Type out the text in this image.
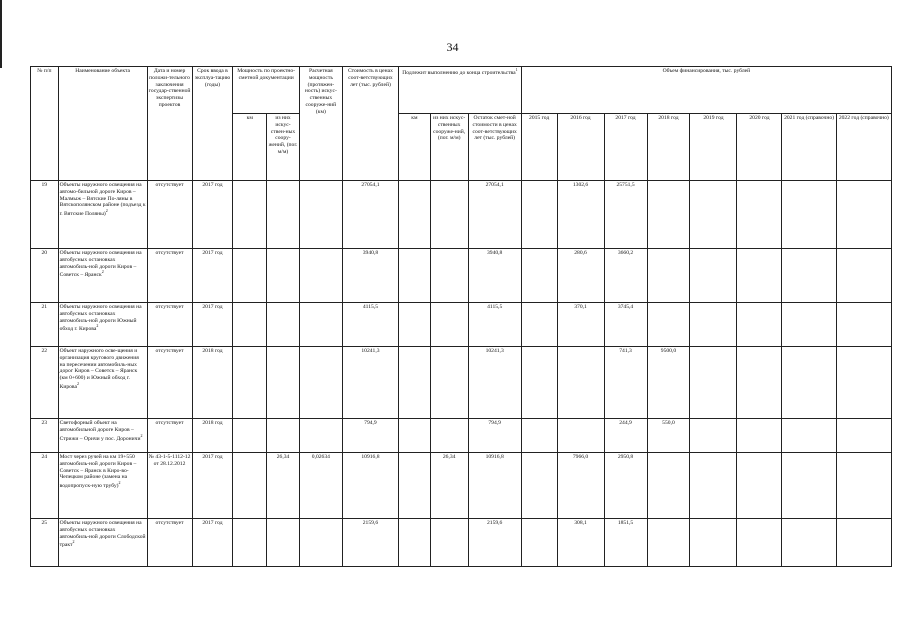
34
№ п/п	Наименование объекта	Дата и номер положи-тельного заключения государ-ственной экспертизы проектов	Срок ввода в эксплуа-тацию (годы)	Мощность по проектно-сметной документации		Расчетная мощность (протяжен-ность) искус-ственных сооруже-ний (км)	Стоимость в ценах соот-ветствующих лет (тыс. рублей)	Подлежит выполнению до конца строительства$^1$			Объем финансирования, тыс. рублей							
				км	из них искус-ствен-ных соору-жений, (пог. м/м)			км	из них искус-ственных сооруже-ний, (пог. м/м)	Остаток смет-ной стоимости в ценах соот-ветствующих лет (тыс. рублей)	2015 год	2016 год	2017 год	2018 год	2019 год	2020 год	2021 год (справочно)	2022 год (справочно)
19	Объекты наружного освещения на автомо-бильной дороге Киров – Малмыж – Вятские По-ляны в Вятскополянском районе (подъезд к г. Вятские Поляны)$^2$	отсутствует	2017 год				27054,1			27054,1		1302,6	25751,5					
20	Объекты наружного освещения на автобусных остановках автомобиль-ной дороги Киров – Советск – Яранск$^2$	отсутствует	2017 год				3940,8			3940,8		280,6	3660,2					
21	Объекты наружного освещения на автобусных остановках автомобиль-ной дороги Южный обход г. Кирова$^2$	отсутствует	2017 год				4115,5			4115,5		370,1	3745,4					
22	Объект наружного осве-щения и организация кругового движения на пересечении автомобиль-ных дорог Киров – Советск – Яранск (км 0+600) и Южный обход г. Кирова$^2$	отсутствует	2018 год				10241,3			10241,3			741,3	9500,0				
23	Светофорный объект на автомобильной дороге Киров – Стрижи – Оричи у пос. Дороничи$^2$	отсутствует	2018 год				794,9			794,9			244,9	550,0				
24	Мост через ручей на км 19+550 автомобиль-ной дороги Киров – Советск – Яранск в Киро-во-Чепецком районе (замена на водопропуск-ную трубу)$^2$	№ 43-1-5-1112-12 от 28.12.2012	2017 год		26,34	0,02634	10916,8		26,34	10916,8		7966,0	2950,8					
25	Объекты наружного освещения на автобусных остановках автомобиль-ной дороги Слободской тракт$^2$	отсутствует	2017 год				2159,6			2159,6		308,1	1851,5					
